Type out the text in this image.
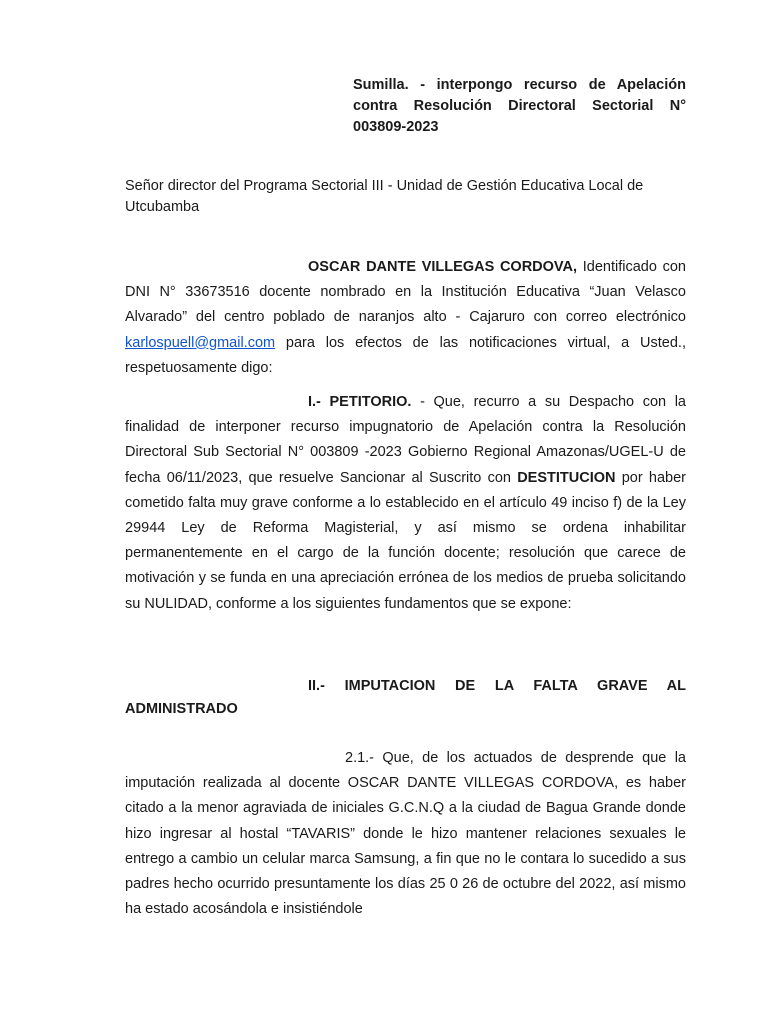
Sumilla. - interpongo recurso de Apelación contra Resolución Directoral Sectorial N° 003809-2023
Señor director del Programa Sectorial III - Unidad de Gestión Educativa Local de Utcubamba
OSCAR DANTE VILLEGAS CORDOVA, Identificado con DNI N° 33673516 docente nombrado en la Institución Educativa “Juan Velasco Alvarado” del centro poblado de naranjos alto - Cajaruro con correo electrónico karlospuell@gmail.com para los efectos de las notificaciones virtual, a Usted., respetuosamente digo:
I.- PETITORIO. - Que, recurro a su Despacho con la finalidad de interponer recurso impugnatorio de Apelación contra la Resolución Directoral Sub Sectorial N° 003809 -2023 Gobierno Regional Amazonas/UGEL-U de fecha 06/11/2023, que resuelve Sancionar al Suscrito con DESTITUCION por haber cometido falta muy grave conforme a lo establecido en el artículo 49 inciso f) de la Ley 29944 Ley de Reforma Magisterial, y así mismo se ordena inhabilitar permanentemente en el cargo de la función docente; resolución que carece de motivación y se funda en una apreciación errónea de los medios de prueba solicitando su NULIDAD, conforme a los siguientes fundamentos que se expone:
II.- IMPUTACION DE LA FALTA GRAVE AL
ADMINISTRADO
2.1.- Que, de los actuados de desprende que la imputación realizada al docente OSCAR DANTE VILLEGAS CORDOVA, es haber citado a la menor agraviada de iniciales G.C.N.Q a la ciudad de Bagua Grande donde hizo ingresar al hostal “TAVARIS” donde le hizo mantener relaciones sexuales le entrego a cambio un celular marca Samsung, a fin que no le contara lo sucedido a sus padres hecho ocurrido presuntamente los días 25 0 26 de octubre del 2022, así mismo ha estado acosándola e insistiéndole
